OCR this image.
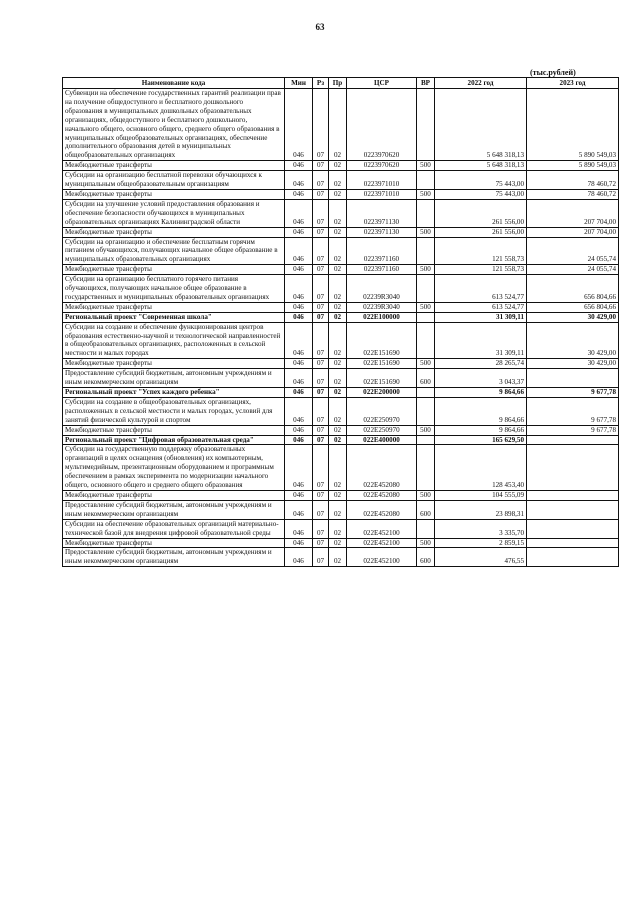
63
(тыс.рублей)
Наименование кода	Мин	Рз	Пр	ЦСР	ВР	2022 год	2023 год
Субвенции на обеспечение государственных гарантий реализации прав на получение общедоступного и бесплатного дошкольного образования в муниципальных дошкольных образовательных организациях, общедоступного и бесплатного дошкольного, начального общего, основного общего, среднего общего образования в муниципальных общеобразовательных организациях, обеспечение дополнительного образования детей в муниципальных общеобразовательных организациях	046	07	02	0223970620		5 648 318,13	5 890 549,03
Межбюджетные трансферты	046	07	02	0223970620	500	5 648 318,13	5 890 549,03
Субсидии на организацию бесплатной перевозки обучающихся к муниципальным общеобразовательным организациям	046	07	02	0223971010		75 443,00	78 460,72
Межбюджетные трансферты	046	07	02	0223971010	500	75 443,00	78 460,72
Субсидии на улучшение условий предоставления образования и обеспечение безопасности обучающихся в муниципальных образовательных организациях Калининградской области	046	07	02	0223971130		261 556,00	207 704,00
Межбюджетные трансферты	046	07	02	0223971130	500	261 556,00	207 704,00
Субсидии на организацию и обеспечение бесплатным горячим питанием обучающихся, получающих начальное общее образование в муниципальных образовательных организациях	046	07	02	0223971160		121 558,73	24 055,74
Межбюджетные трансферты	046	07	02	0223971160	500	121 558,73	24 055,74
Субсидии на организацию бесплатного горячего питания обучающихся, получающих начальное общее образование в государственных и муниципальных образовательных организациях	046	07	02	02239R3040		613 524,77	656 804,66
Межбюджетные трансферты	046	07	02	02239R3040	500	613 524,77	656 804,66
Региональный проект "Современная школа"	046	07	02	022E100000		31 309,11	30 429,00
Субсидии на создание и обеспечение функционирования центров образования естественно-научной и технологической направленностей в общеобразовательных организациях, расположенных в сельской местности и малых городах	046	07	02	022E151690		31 309,11	30 429,00
Межбюджетные трансферты	046	07	02	022E151690	500	28 265,74	30 429,00
Предоставление субсидий бюджетным, автономным учреждениям и иным некоммерческим организациям	046	07	02	022E151690	600	3 043,37	
Региональный проект "Успех каждого ребенка"	046	07	02	022E200000		9 864,66	9 677,78
Субсидии на создание в общеобразовательных организациях, расположенных в сельской местности и малых городах, условий для занятий физической культурой и спортом	046	07	02	022E250970		9 864,66	9 677,78
Межбюджетные трансферты	046	07	02	022E250970	500	9 864,66	9 677,78
Региональный проект "Цифровая образовательная среда"	046	07	02	022E400000		165 629,50	
Субсидии на государственную поддержку образовательных организаций в целях оснащения (обновления) их компьютерным, мультимедийным, презентационным оборудованием и программным обеспечением в рамках эксперимента по модернизации начального общего, основного общего и среднего общего образования	046	07	02	022E452080		128 453,40	
Межбюджетные трансферты	046	07	02	022E452080	500	104 555,09	
Предоставление субсидий бюджетным, автономным учреждениям и иным некоммерческим организациям	046	07	02	022E452080	600	23 898,31	
Субсидии на обеспечение образовательных организаций материально-технической базой для внедрения цифровой образовательной среды	046	07	02	022E452100		3 335,70	
Межбюджетные трансферты	046	07	02	022E452100	500	2 859,15	
Предоставление субсидий бюджетным, автономным учреждениям и иным некоммерческим организациям	046	07	02	022E452100	600	476,55	
